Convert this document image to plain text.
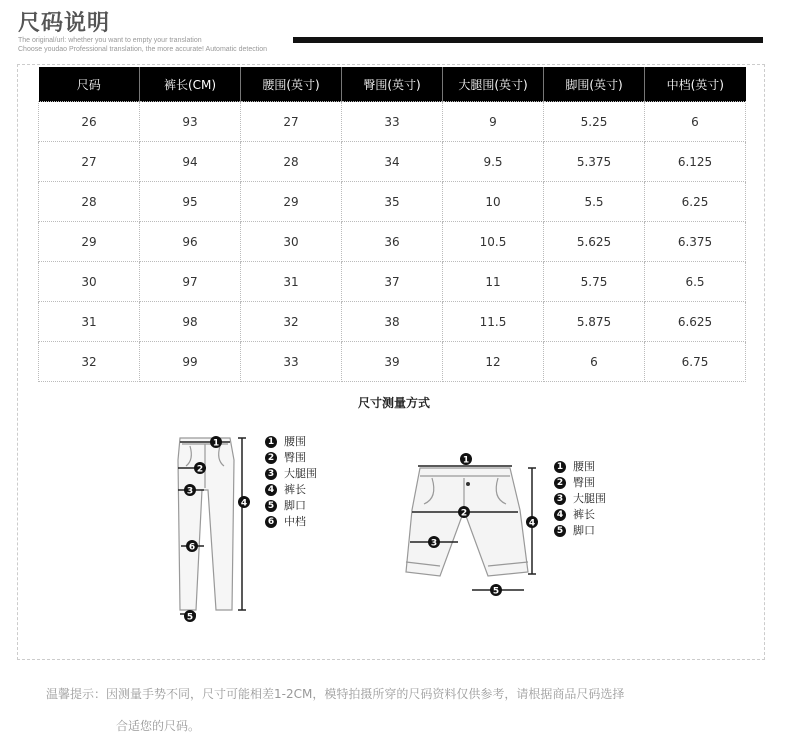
尺码说明
The original/url: whether you want to empty your translation
Choose youdao Professional translation, the more accurate! Automatic detection
尺码	裤长(CM)	腰围(英寸)	臀围(英寸)	大腿围(英寸)	脚围(英寸)	中档(英寸)
26	93	27	33	9	5.25	6
27	94	28	34	9.5	5.375	6.125
28	95	29	35	10	5.5	6.25
29	96	30	36	10.5	5.625	6.375
30	97	31	37	11	5.75	6.5
31	98	32	38	11.5	5.875	6.625
32	99	33	39	12	6	6.75
尺寸测量方式
1
2
3
4
5
6
1 腰围
2 臀围
3 大腿围
4 裤长
5 脚口
6 中档
1
2
3
4
5
1 腰围
2 臀围
3 大腿围
4 裤长
5 脚口
温馨提示：因测量手势不同，尺寸可能相差1-2CM，模特拍摄所穿的尺码资料仅供参考，请根据商品尺码选择
合适您的尺码。
